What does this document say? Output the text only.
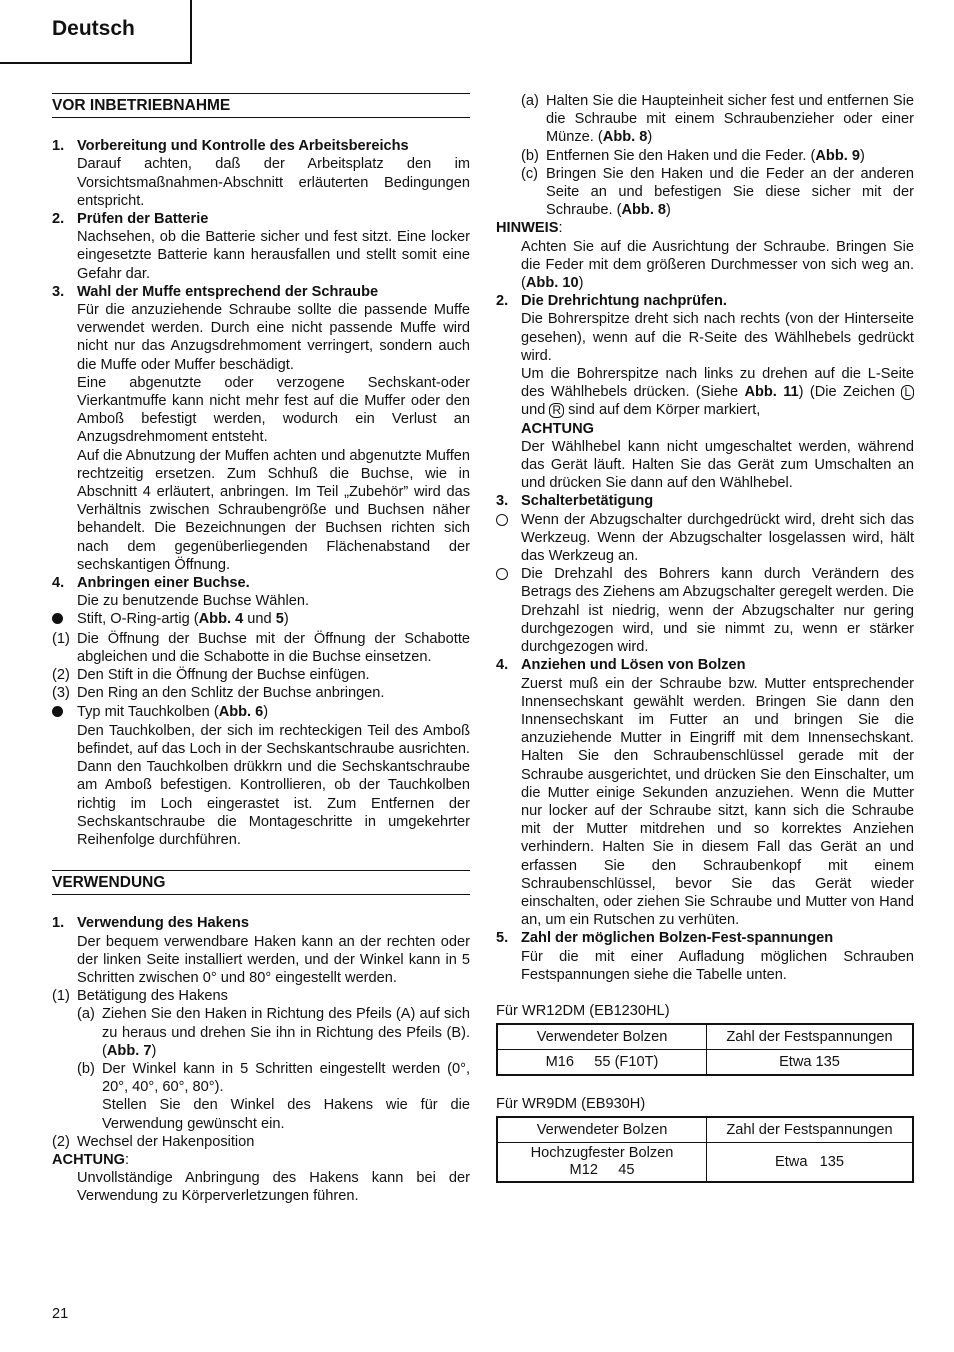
Deutsch
VOR INBETRIEBNAHME
1. Vorbereitung und Kontrolle des Arbeitsbereichs
Darauf achten, daß der Arbeitsplatz den im Vorsichtsmaßnahmen-Abschnitt erläuterten Bedingungen entspricht.
2. Prüfen der Batterie
Nachsehen, ob die Batterie sicher und fest sitzt. Eine locker eingesetzte Batterie kann herausfallen und stellt somit eine Gefahr dar.
3. Wahl der Muffe entsprechend der Schraube
Für die anzuziehende Schraube sollte die passende Muffe verwendet werden. Durch eine nicht passende Muffe wird nicht nur das Anzugsdrehmoment verringert, sondern auch die Muffe oder Muffer beschädigt.
Eine abgenutzte oder verzogene Sechskant-oder Vierkantmuffe kann nicht mehr fest auf die Muffer oder den Amboß befestigt werden, wodurch ein Verlust an Anzugsdrehmoment entsteht.
Auf die Abnutzung der Muffen achten und abgenutzte Muffen rechtzeitig ersetzen. Zum Schhuß die Buchse, wie in Abschnitt 4 erläutert, anbringen. Im Teil „Zubehör” wird das Verhältnis zwischen Schraubengröße und Buchsen näher behandelt. Die Bezeichnungen der Buchsen richten sich nach dem gegenüberliegenden Flächenabstand der sechskantigen Öffnung.
4. Anbringen einer Buchse.
Die zu benutzende Buchse Wählen.
Stift, O-Ring-artig (Abb. 4 und 5)
(1) Die Öffnung der Buchse mit der Öffnung der Schabotte abgleichen und die Schabotte in die Buchse einsetzen.
(2) Den Stift in die Öffnung der Buchse einfügen.
(3) Den Ring an den Schlitz der Buchse anbringen.
Typ mit Tauchkolben (Abb. 6)
Den Tauchkolben, der sich im rechteckigen Teil des Amboß befindet, auf das Loch in der Sechskantschraube ausrichten. Dann den Tauchkolben drükkrn und die Sechskantschraube am Amboß befestigen. Kontrollieren, ob der Tauchkolben richtig im Loch eingerastet ist. Zum Entfernen der Sechskantschraube die Montageschritte in umgekehrter Reihenfolge durchführen.
VERWENDUNG
1. Verwendung des Hakens
Der bequem verwendbare Haken kann an der rechten oder der linken Seite installiert werden, und der Winkel kann in 5 Schritten zwischen 0° und 80° eingestellt werden.
(1) Betätigung des Hakens
(a) Ziehen Sie den Haken in Richtung des Pfeils (A) auf sich zu heraus und drehen Sie ihn in Richtung des Pfeils (B). (Abb. 7)
(b) Der Winkel kann in 5 Schritten eingestellt werden (0°, 20°, 40°, 60°, 80°).
Stellen Sie den Winkel des Hakens wie für die Verwendung gewünscht ein.
(2) Wechsel der Hakenposition
ACHTUNG:
Unvollständige Anbringung des Hakens kann bei der Verwendung zu Körperverletzungen führen.
(a) Halten Sie die Haupteinheit sicher fest und entfernen Sie die Schraube mit einem Schraubenzieher oder einer Münze. (Abb. 8)
(b) Entfernen Sie den Haken und die Feder. (Abb. 9)
(c) Bringen Sie den Haken und die Feder an der anderen Seite an und befestigen Sie diese sicher mit der Schraube. (Abb. 8)
HINWEIS:
Achten Sie auf die Ausrichtung der Schraube. Bringen Sie die Feder mit dem größeren Durchmesser von sich weg an. (Abb. 10)
2. Die Drehrichtung nachprüfen.
Die Bohrerspitze dreht sich nach rechts (von der Hinterseite gesehen), wenn auf die R-Seite des Wählhebels gedrückt wird.
Um die Bohrerspitze nach links zu drehen auf die L-Seite des Wählhebels drücken. (Siehe Abb. 11) (Die Zeichen L und R sind auf dem Körper markiert,
ACHTUNG
Der Wählhebel kann nicht umgeschaltet werden, während das Gerät läuft. Halten Sie das Gerät zum Umschalten an und drücken Sie dann auf den Wählhebel.
3. Schalterbetätigung
Wenn der Abzugschalter durchgedrückt wird, dreht sich das Werkzeug. Wenn der Abzugschalter losgelassen wird, hält das Werkzeug an.
Die Drehzahl des Bohrers kann durch Verändern des Betrags des Ziehens am Abzugschalter geregelt werden. Die Drehzahl ist niedrig, wenn der Abzugschalter nur gering durchgezogen wird, und sie nimmt zu, wenn er stärker durchgezogen wird.
4. Anziehen und Lösen von Bolzen
Zuerst muß ein der Schraube bzw. Mutter entsprechender Innensechskant gewählt werden. Bringen Sie dann den Innensechskant im Futter an und bringen Sie die anzuziehende Mutter in Eingriff mit dem Innensechskant. Halten Sie den Schraubenschlüssel gerade mit der Schraube ausgerichtet, und drücken Sie den Einschalter, um die Mutter einige Sekunden anzuziehen. Wenn die Mutter nur locker auf der Schraube sitzt, kann sich die Schraube mit der Mutter mitdrehen und so korrektes Anziehen verhindern. Halten Sie in diesem Fall das Gerät an und erfassen Sie den Schraubenkopf mit einem Schraubenschlüssel, bevor Sie das Gerät wieder einschalten, oder ziehen Sie Schraube und Mutter von Hand an, um ein Rutschen zu verhüten.
5. Zahl der möglichen Bolzen-Fest-spannungen
Für die mit einer Aufladung möglichen Schrauben Festspannungen siehe die Tabelle unten.
Für WR12DM (EB1230HL)
Verwendeter Bolzen	Zahl der Festspannungen
M16     55 (F10T)	Etwa 135
Für WR9DM (EB930H)
Verwendeter Bolzen	Zahl der Festspannungen

Hochzugfester Bolzen
M12     45	Etwa   135
21
